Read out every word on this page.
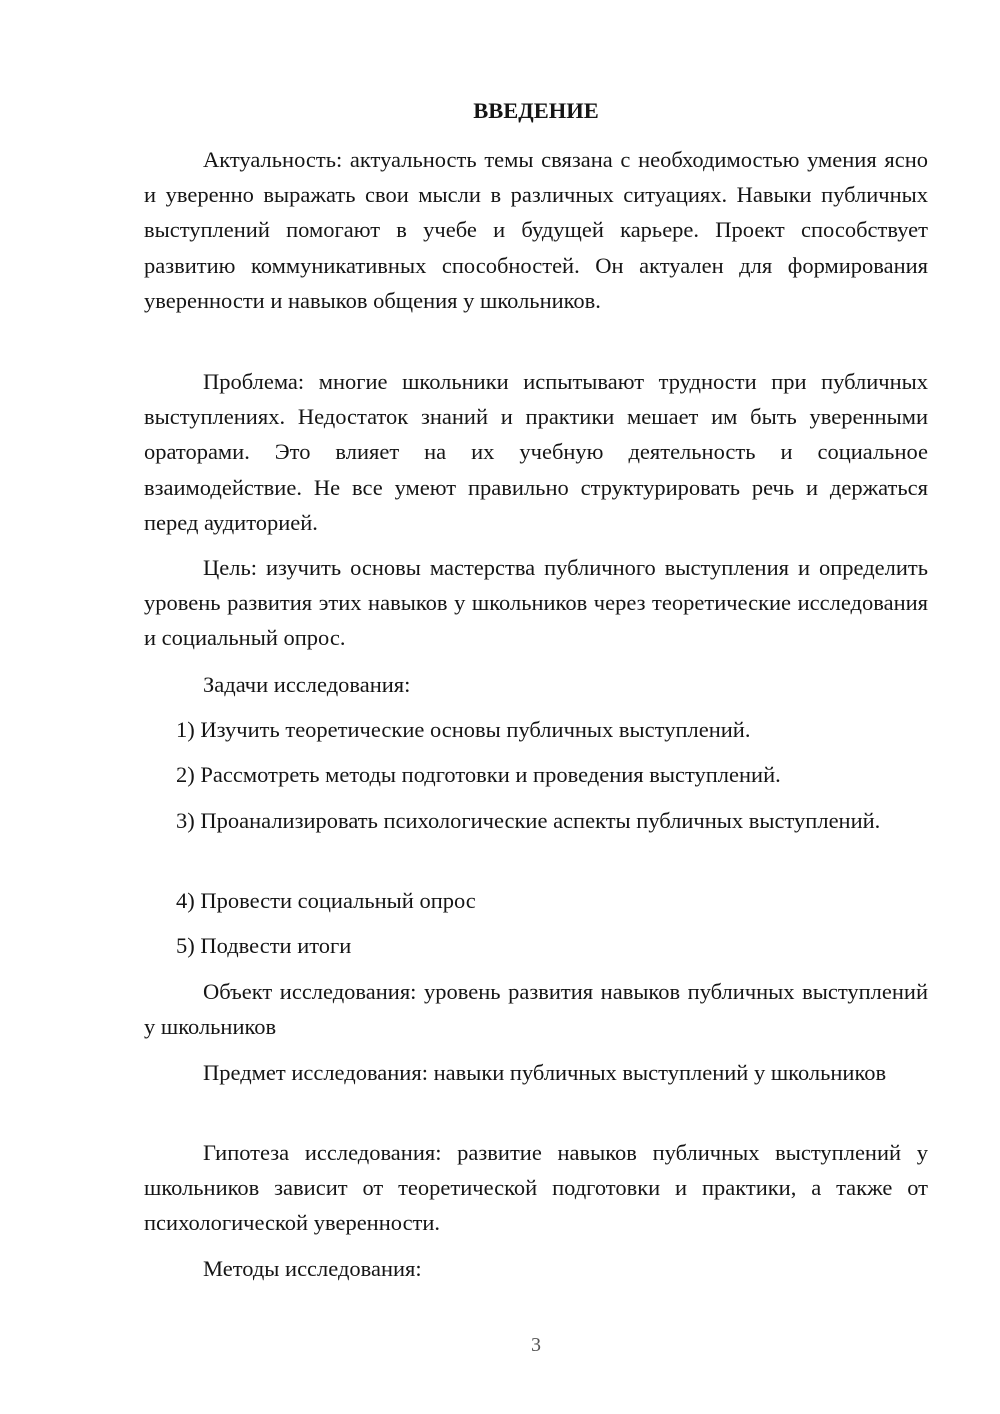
ВВЕДЕНИЕ

Актуальность: актуальность темы связана с необходимостью умения ясно и уверенно выражать свои мысли в различных ситуациях. Навыки публичных выступлений помогают в учебе и будущей карьере. Проект способствует развитию коммуникативных способностей. Он актуален для формирования уверенности и навыков общения у школьников.

Проблема: многие школьники испытывают трудности при публичных выступлениях. Недостаток знаний и практики мешает им быть уверенными ораторами. Это влияет на их учебную деятельность и социальное взаимодействие. Не все умеют правильно структурировать речь и держаться перед аудиторией.

Цель: изучить основы мастерства публичного выступления и определить уровень развития этих навыков у школьников через теоретические исследования и социальный опрос.

Задачи исследования:

1) Изучить теоретические основы публичных выступлений.

2) Рассмотреть методы подготовки и проведения выступлений.

3) Проанализировать психологические аспекты публичных выступлений.

4) Провести социальный опрос

5) Подвести итоги

Объект исследования: уровень развития навыков публичных выступлений у школьников

Предмет исследования: навыки публичных выступлений у школьников

Гипотеза исследования: развитие навыков публичных выступлений у школьников зависит от теоретической подготовки и практики, а также от психологической уверенности.

Методы исследования:

3
